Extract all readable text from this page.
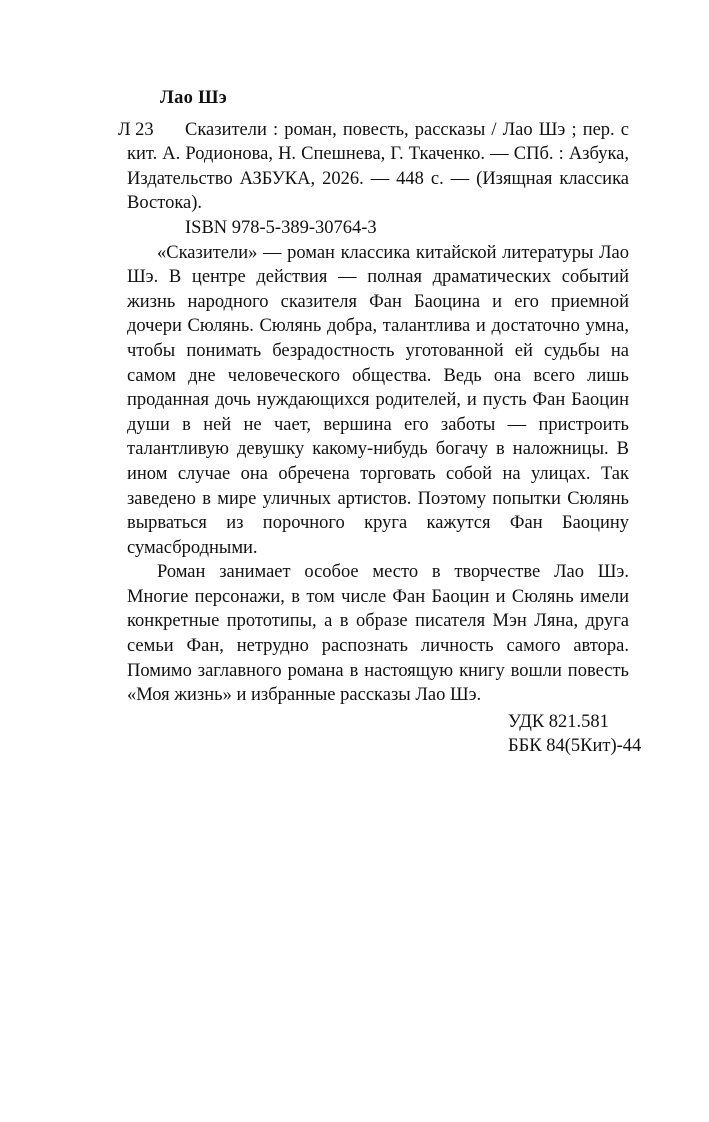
Лао Шэ
Л 23	Сказители : роман, повесть, рассказы / Лао Шэ ; пер. с кит. А. Родионова, Н. Спешнева, Г. Ткаченко. — СПб. : Азбука, Издательство АЗБУКА, 2026. — 448 с. — (Изящная классика Востока).

ISBN 978-5-389-30764-3

«Сказители» — роман классика китайской литературы Лао Шэ. В центре действия — полная драматических событий жизнь народного сказителя Фан Баоцина и его приемной дочери Сюлянь. Сюлянь добра, талантлива и достаточно умна, чтобы понимать безрадостность уготованной ей судьбы на самом дне человеческого общества. Ведь она всего лишь проданная дочь нуждающихся родителей, и пусть Фан Баоцин души в ней не чает, вершина его заботы — пристроить талантливую девушку какому-нибудь богачу в наложницы. В ином случае она обречена торговать собой на улицах. Так заведено в мире уличных артистов. Поэтому попытки Сюлянь вырваться из порочного круга кажутся Фан Баоцину сумасбродными.

Роман занимает особое место в творчестве Лао Шэ. Многие персонажи, в том числе Фан Баоцин и Сюлянь имели конкретные прототипы, а в образе писателя Мэн Ляна, друга семьи Фан, нетрудно распознать личность самого автора. Помимо заглавного романа в настоящую книгу вошли повесть «Моя жизнь» и избранные рассказы Лао Шэ.

УДК 821.581
ББК 84(5Кит)-44
